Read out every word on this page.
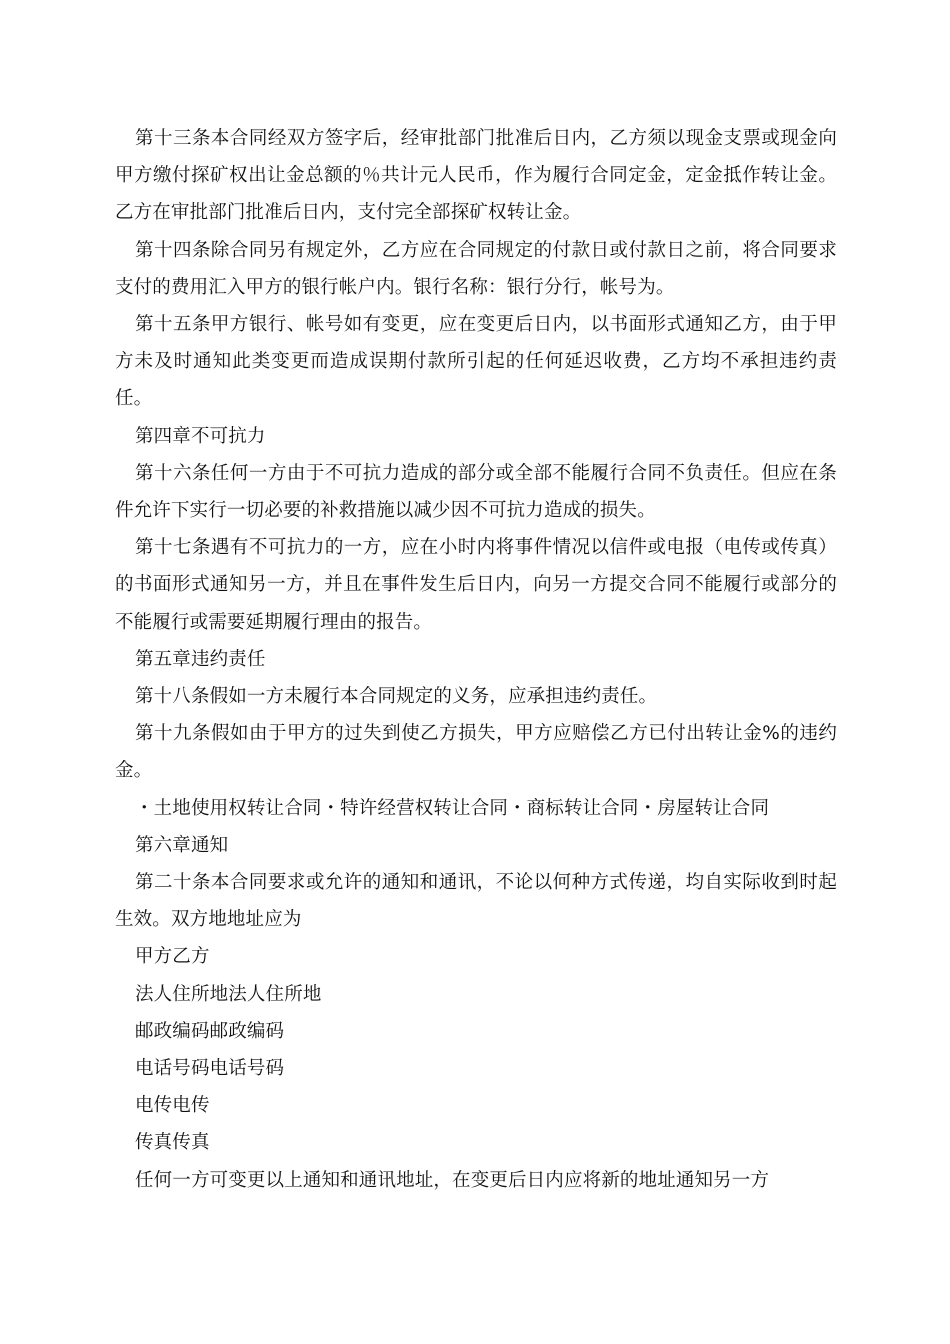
第十三条本合同经双方签字后，经审批部门批准后日内，乙方须以现金支票或现金向甲方缴付探矿权出让金总额的％共计元人民币，作为履行合同定金，定金抵作转让金。乙方在审批部门批准后日内，支付完全部探矿权转让金。

第十四条除合同另有规定外，乙方应在合同规定的付款日或付款日之前，将合同要求支付的费用汇入甲方的银行帐户内。银行名称：银行分行，帐号为。

第十五条甲方银行、帐号如有变更，应在变更后日内，以书面形式通知乙方，由于甲方未及时通知此类变更而造成误期付款所引起的任何延迟收费，乙方均不承担违约责任。

第四章不可抗力

第十六条任何一方由于不可抗力造成的部分或全部不能履行合同不负责任。但应在条件允许下实行一切必要的补救措施以减少因不可抗力造成的损失。

第十七条遇有不可抗力的一方，应在小时内将事件情况以信件或电报（电传或传真）的书面形式通知另一方，并且在事件发生后日内，向另一方提交合同不能履行或部分的不能履行或需要延期履行理由的报告。

第五章违约责任

第十八条假如一方未履行本合同规定的义务，应承担违约责任。

第十九条假如由于甲方的过失到使乙方损失，甲方应赔偿乙方已付出转让金%的违约金。

・土地使用权转让合同・特许经营权转让合同・商标转让合同・房屋转让合同

第六章通知

第二十条本合同要求或允许的通知和通讯，不论以何种方式传递，均自实际收到时起生效。双方地地址应为

甲方乙方

法人住所地法人住所地

邮政编码邮政编码

电话号码电话号码

电传电传

传真传真

任何一方可变更以上通知和通讯地址，在变更后日内应将新的地址通知另一方
